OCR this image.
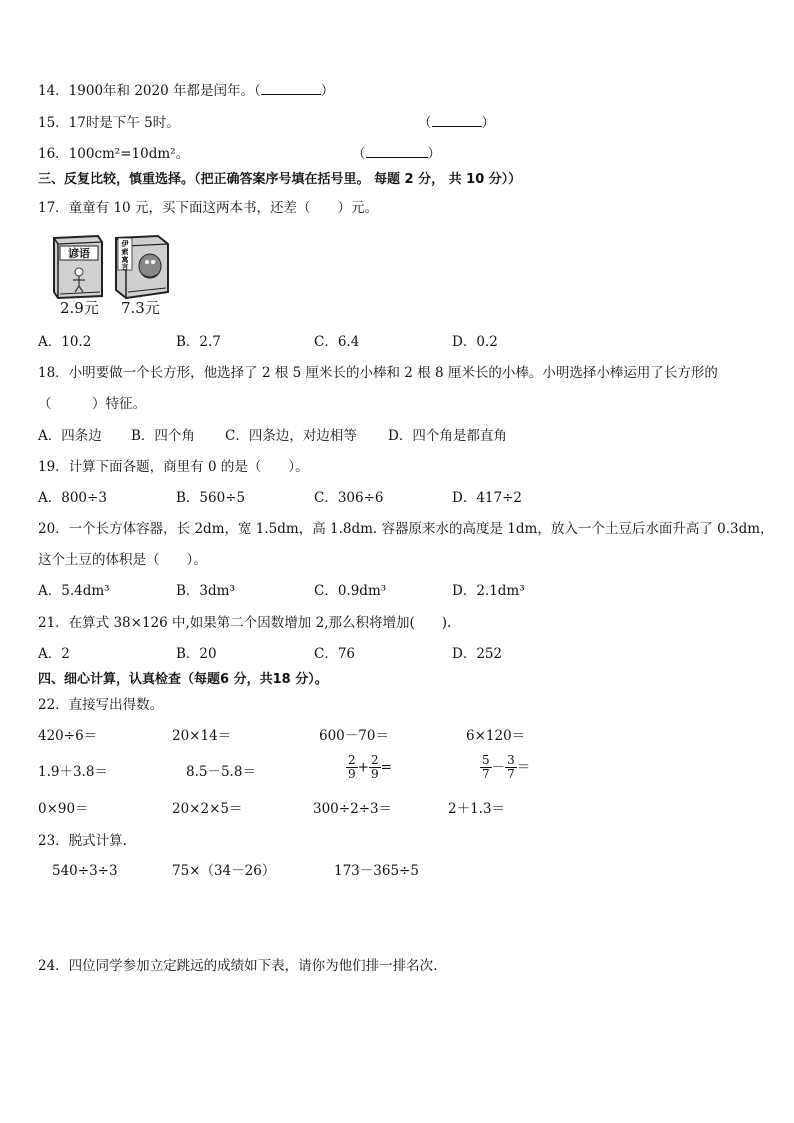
14．1900年和 2020 年都是闰年。（	）
15．17时是下午 5时。	（	）
16．100cm²=10dm²。	（	）
三、反复比较，慎重选择。（把正确答案序号填在括号里。 每题 2 分， 共 10 分））
17．童童有 10 元，买下面这两本书，还差（　　）元。
谚语
2.9元
伊
索
寓
言
7.3元
A．10.2	B．2.7	C．6.4	D．0.2
18．小明要做一个长方形，他选择了 2 根 5 厘米长的小棒和 2 根 8 厘米长的小棒。小明选择小棒运用了长方形的
（　　　）特征。
A．四条边 B．四个角 C．四条边，对边相等 D．四个角是都直角
19．计算下面各题，商里有 0 的是（　　）。
A．800÷3	B．560÷5	C．306÷6	D．417÷2
20．一个长方体容器，长 2dm，宽 1.5dm，高 1.8dm. 容器原来水的高度是 1dm，放入一个土豆后水面升高了 0.3dm，
这个土豆的体积是（　　）。
A．5.4dm³	B．3dm³	C．0.9dm³	D．2.1dm³
21．在算式 38×126 中,如果第二个因数增加 2,那么积将增加(　　).
A．2	B．20	C．76	D．252
四、细心计算，认真检查（每题6 分，共18 分）。
22．直接写出得数。
420÷6＝	20×14＝	600－70＝	6×120＝
1.9＋3.8＝	8.5－5.8＝	$\frac{2}{9} + \frac{2}{9}$ =	$\frac{5}{7} - \frac{3}{7}$ ＝
0×90＝	20×2×5＝	300÷2÷3＝	2＋1.3＝
23．脱式计算.
540÷3÷3	75×（34－26）	173－365÷5
24．四位同学参加立定跳远的成绩如下表，请你为他们排一排名次.
